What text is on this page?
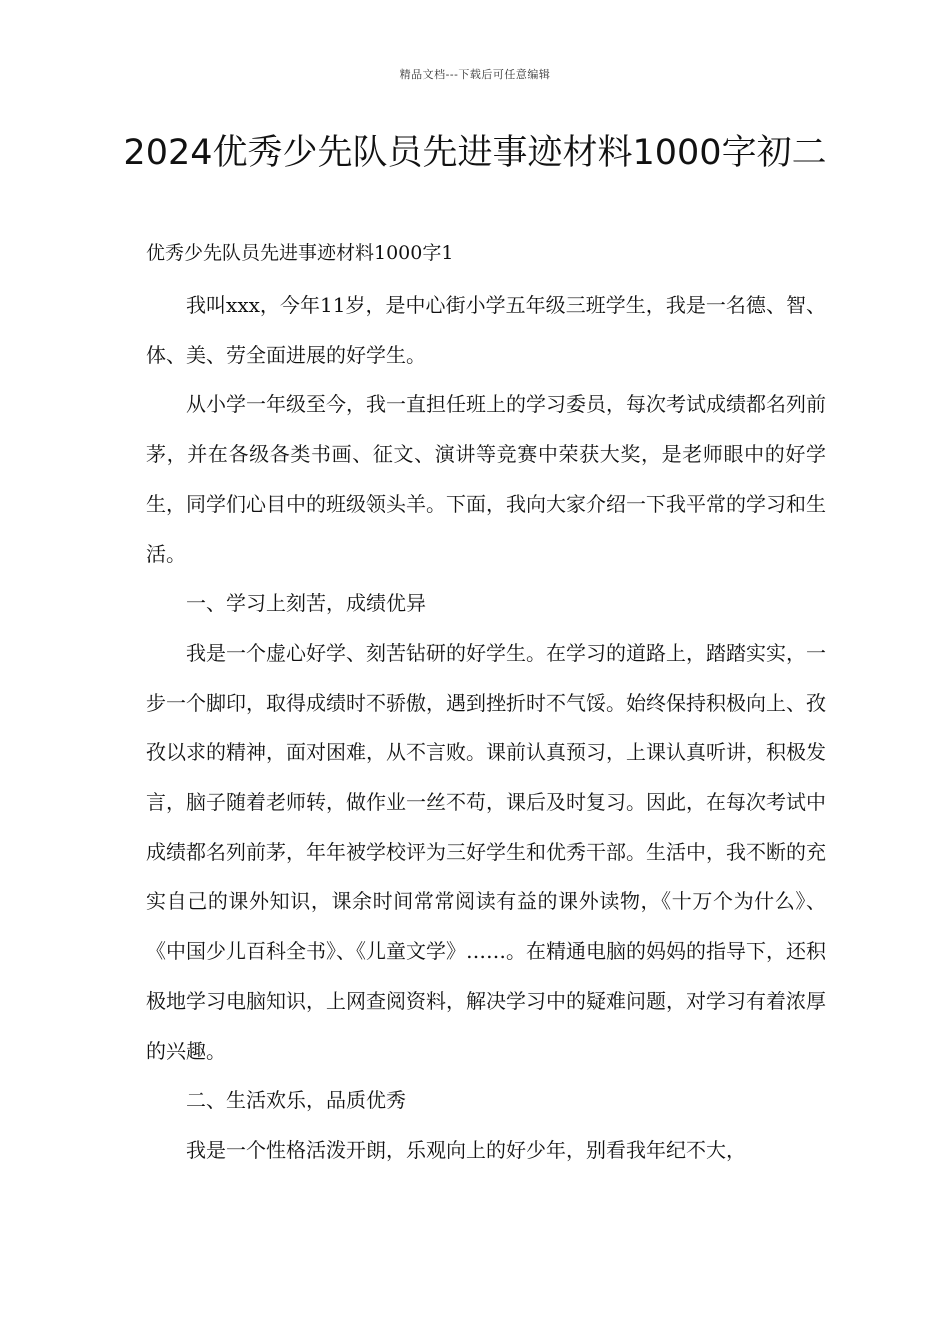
精品文档---下载后可任意编辑
2024优秀少先队员先进事迹材料1000字初二
优秀少先队员先进事迹材料1000字1

我叫xxx，今年11岁，是中心街小学五年级三班学生，我是一名德、智、体、美、劳全面进展的好学生。

从小学一年级至今，我一直担任班上的学习委员，每次考试成绩都名列前茅，并在各级各类书画、征文、演讲等竞赛中荣获大奖，是老师眼中的好学生，同学们心目中的班级领头羊。下面，我向大家介绍一下我平常的学习和生活。

一、学习上刻苦，成绩优异

我是一个虚心好学、刻苦钻研的好学生。在学习的道路上，踏踏实实，一步一个脚印，取得成绩时不骄傲，遇到挫折时不气馁。始终保持积极向上、孜孜以求的精神，面对困难，从不言败。课前认真预习，上课认真听讲，积极发言，脑子随着老师转，做作业一丝不苟，课后及时复习。因此，在每次考试中成绩都名列前茅，年年被学校评为三好学生和优秀干部。生活中，我不断的充实自己的课外知识，课余时间常常阅读有益的课外读物，《十万个为什么》、《中国少儿百科全书》、《儿童文学》……。在精通电脑的妈妈的指导下，还积极地学习电脑知识，上网查阅资料，解决学习中的疑难问题，对学习有着浓厚的兴趣。

二、生活欢乐，品质优秀

我是一个性格活泼开朗，乐观向上的好少年，别看我年纪不大，
